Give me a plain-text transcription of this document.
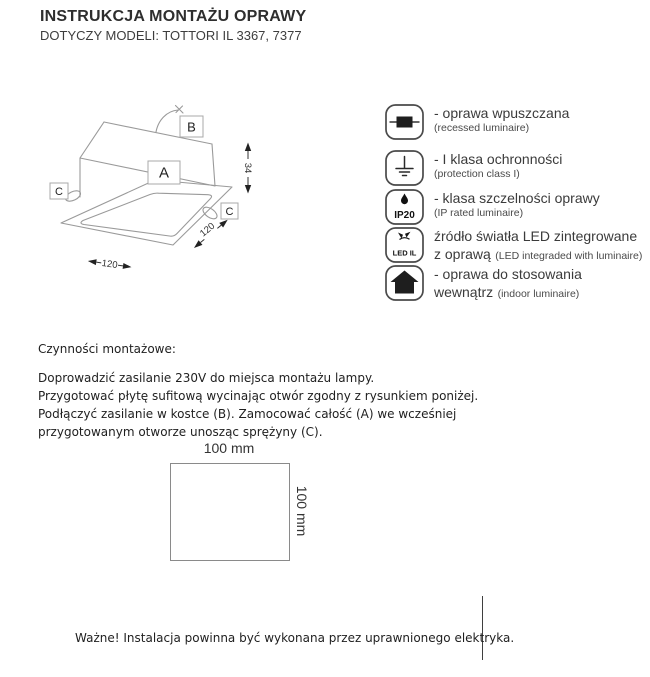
INSTRUKCJA MONTAŻU OPRAWY
DOTYCZY MODELI: TOTTORI IL 3367, 7377
34
120
120
A
B
C
C
- oprawa wpuszczana
(recessed luminaire)
- I klasa ochronności
(protection class I)
IP20
- klasa szczelności oprawy
(IP rated luminaire)
LED IL
źródło światła LED zintegrowane
z oprawą (LED integraded with luminaire)
- oprawa do stosowania
wewnątrz (indoor luminaire)
Czynności montażowe:
Doprowadzić zasilanie 230V do miejsca montażu lampy.
Przygotować płytę sufitową wycinając otwór zgodny z rysunkiem poniżej.
Podłączyć zasilanie w kostce (B). Zamocować całość (A) we wcześniej
przygotowanym otworze unosząc sprężyny (C).
100 mm
100 mm
Ważne! Instalacja powinna być wykonana przez uprawnionego elektryka.
